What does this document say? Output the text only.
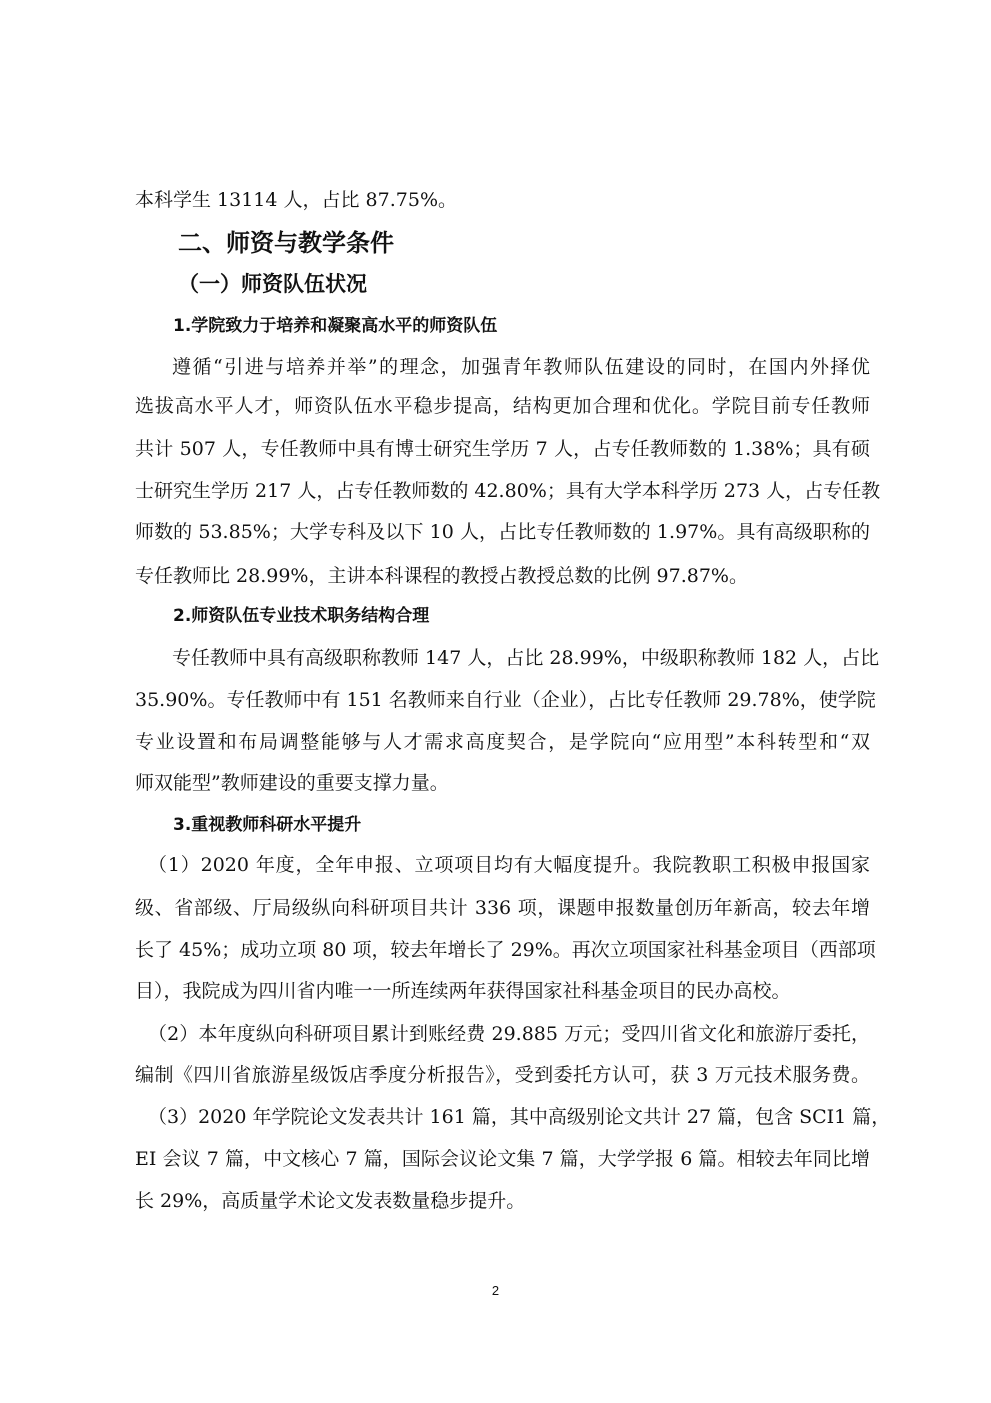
本科学生 13114 人，占比 87.75%。

二、师资与教学条件
（一）师资队伍状况
1.学院致力于培养和凝聚高水平的师资队伍

遵循“引进与培养并举”的理念，加强青年教师队伍建设的同时，在国内外择优

选拔高水平人才，师资队伍水平稳步提高，结构更加合理和优化。学院目前专任教师

共计 507 人，专任教师中具有博士研究生学历 7 人，占专任教师数的 1.38%；具有硕

士研究生学历 217 人，占专任教师数的 42.80%；具有大学本科学历 273 人，占专任教

师数的 53.85%；大学专科及以下 10 人，占比专任教师数的 1.97%。具有高级职称的

专任教师比 28.99%，主讲本科课程的教授占教授总数的比例 97.87%。

2.师资队伍专业技术职务结构合理

专任教师中具有高级职称教师 147 人，占比 28.99%，中级职称教师 182 人，占比

35.90%。专任教师中有 151 名教师来自行业（企业），占比专任教师 29.78%，使学院

专业设置和布局调整能够与人才需求高度契合，是学院向“应用型”本科转型和“双

师双能型”教师建设的重要支撑力量。

3.重视教师科研水平提升

（1）2020 年度，全年申报、立项项目均有大幅度提升。我院教职工积极申报国家

级、省部级、厅局级纵向科研项目共计 336 项，课题申报数量创历年新高，较去年增

长了 45%；成功立项 80 项，较去年增长了 29%。再次立项国家社科基金项目（西部项

目），我院成为四川省内唯一一所连续两年获得国家社科基金项目的民办高校。

（2）本年度纵向科研项目累计到账经费 29.885 万元；受四川省文化和旅游厅委托，

编制《四川省旅游星级饭店季度分析报告》，受到委托方认可，获 3 万元技术服务费。

（3）2020 年学院论文发表共计 161 篇，其中高级别论文共计 27 篇，包含 SCI1 篇，

EI 会议 7 篇，中文核心 7 篇，国际会议论文集 7 篇，大学学报 6 篇。相较去年同比增

长 29%，高质量学术论文发表数量稳步提升。

2
